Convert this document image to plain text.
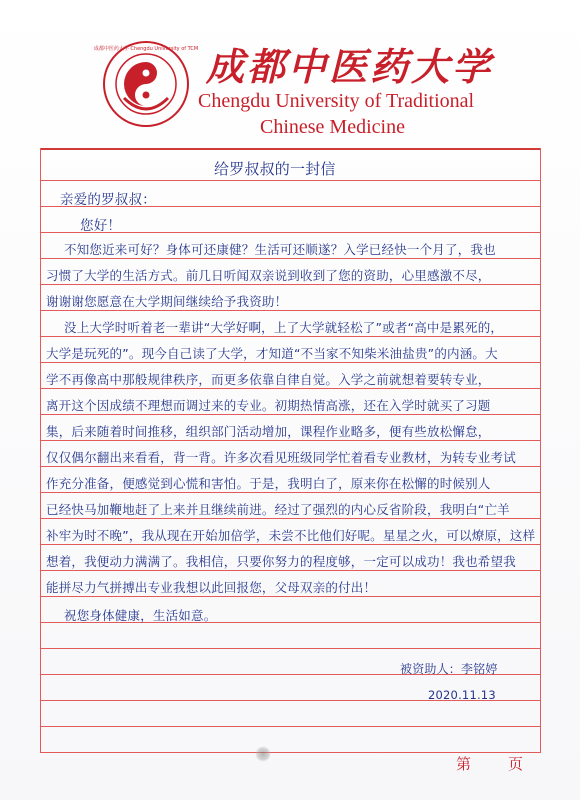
成都中医药大学 Chengdu University of TCM 成都中医药大学
Chengdu University of Traditional
Chinese Medicine
给罗叔叔的一封信
亲爱的罗叔叔：
您好！
不知您近来可好？身体可还康健？生活可还顺遂？入学已经快一个月了，我也
习惯了大学的生活方式。前几日听闻双亲说到收到了您的资助，心里感激不尽，
谢谢谢您愿意在大学期间继续给予我资助！
没上大学时听着老一辈讲“大学好啊，上了大学就轻松了”或者“高中是累死的，
大学是玩死的”。现今自己读了大学，才知道“不当家不知柴米油盐贵”的内涵。大
学不再像高中那般规律秩序，而更多依靠自律自觉。入学之前就想着要转专业，
离开这个因成绩不理想而调过来的专业。初期热情高涨，还在入学时就买了习题
集，后来随着时间推移，组织部门活动增加，课程作业略多，便有些放松懈怠，
仅仅偶尔翻出来看看，背一背。许多次看见班级同学忙着看专业教材，为转专业考试
作充分准备，便感觉到心慌和害怕。于是，我明白了，原来你在松懈的时候别人
已经快马加鞭地赶了上来并且继续前进。经过了强烈的内心反省阶段，我明白“亡羊
补牢为时不晚”，我从现在开始加倍学，未尝不比他们好呢。星星之火，可以燎原，这样
想着，我便动力满满了。我相信，只要你努力的程度够，一定可以成功！我也希望我
能拼尽力气拼搏出专业我想以此回报您，父母双亲的付出！
祝您身体健康，生活如意。
被资助人：李铭婷
2020.11.13
第 页
